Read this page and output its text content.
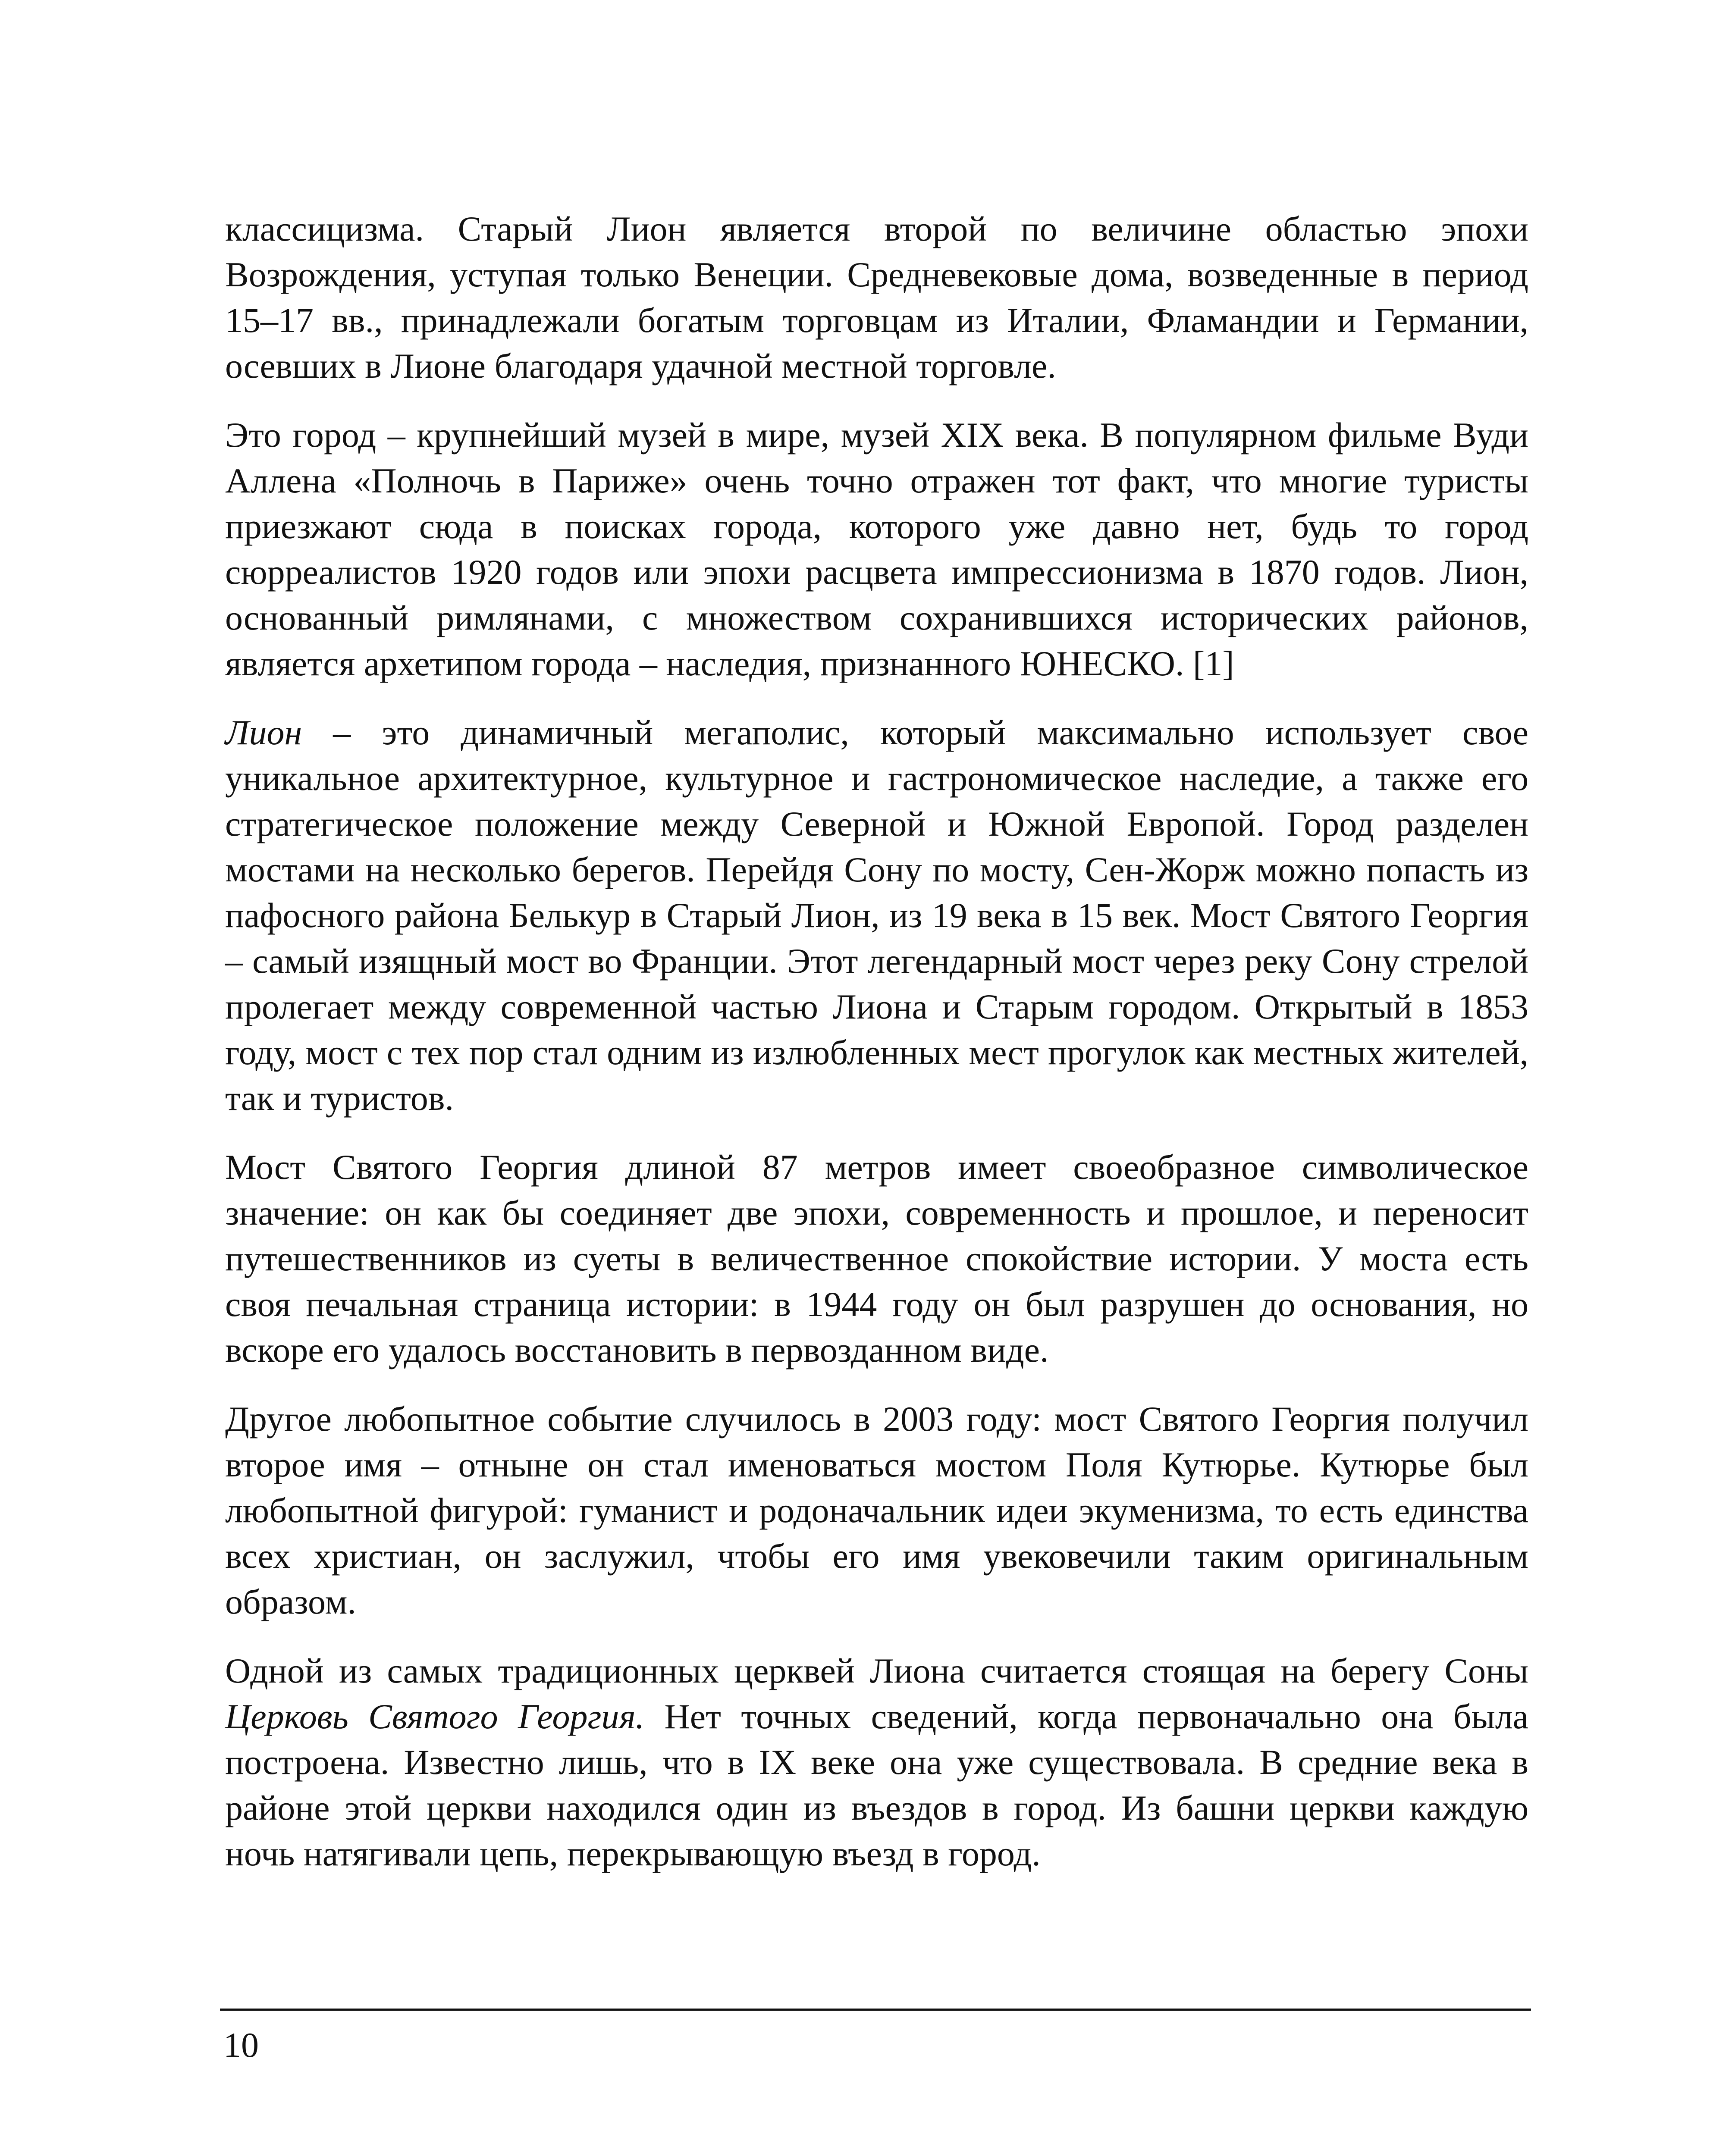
классицизма. Старый Лион является второй по величине областью эпохи Возрождения, уступая только Венеции. Средневековые дома, возведенные в период 15–17 вв., принадлежали богатым торговцам из Италии, Фламандии и Германии, осевших в Лионе благодаря удачной местной торговле.

Это город – крупнейший музей в мире, музей XIX века. В популярном фильме Вуди Аллена «Полночь в Париже» очень точно отражен тот факт, что многие туристы приезжают сюда в поисках города, которого уже давно нет, будь то город сюрреалистов 1920 годов или эпохи расцвета импрессионизма в 1870 годов. Лион, основанный римлянами, с множеством сохранившихся исторических районов, является архетипом города – наследия, признанного ЮНЕСКО. [1]

Лион – это динамичный мегаполис, который максимально использует свое уникальное архитектурное, культурное и гастрономическое наследие, а также его стратегическое положение между Северной и Южной Европой. Город разделен мостами на несколько берегов. Перейдя Сону по мосту, Сен-Жорж можно попасть из пафосного района Белькур в Старый Лион, из 19 века в 15 век. Мост Святого Георгия – самый изящный мост во Франции. Этот легендарный мост через реку Сону стрелой пролегает между современной частью Лиона и Старым городом. Открытый в 1853 году, мост с тех пор стал одним из излюбленных мест прогулок как местных жителей, так и туристов.

Мост Святого Георгия длиной 87 метров имеет своеобразное символическое значение: он как бы соединяет две эпохи, современность и прошлое, и переносит путешественников из суеты в величественное спокойствие истории. У моста есть своя печальная страница истории: в 1944 году он был разрушен до основания, но вскоре его удалось восстановить в первозданном виде.

Другое любопытное событие случилось в 2003 году: мост Святого Георгия получил второе имя – отныне он стал именоваться мостом Поля Кутюрье. Кутюрье был любопытной фигурой: гуманист и родоначальник идеи экуменизма, то есть единства всех христиан, он заслужил, чтобы его имя увековечили таким оригинальным образом.

Одной из самых традиционных церквей Лиона считается стоящая на берегу Соны Церковь Святого Георгия. Нет точных сведений, когда первоначально она была построена. Известно лишь, что в IX веке она уже существовала. В средние века в районе этой церкви находился один из въездов в город. Из башни церкви каждую ночь натягивали цепь, перекрывающую въезд в город.

10
